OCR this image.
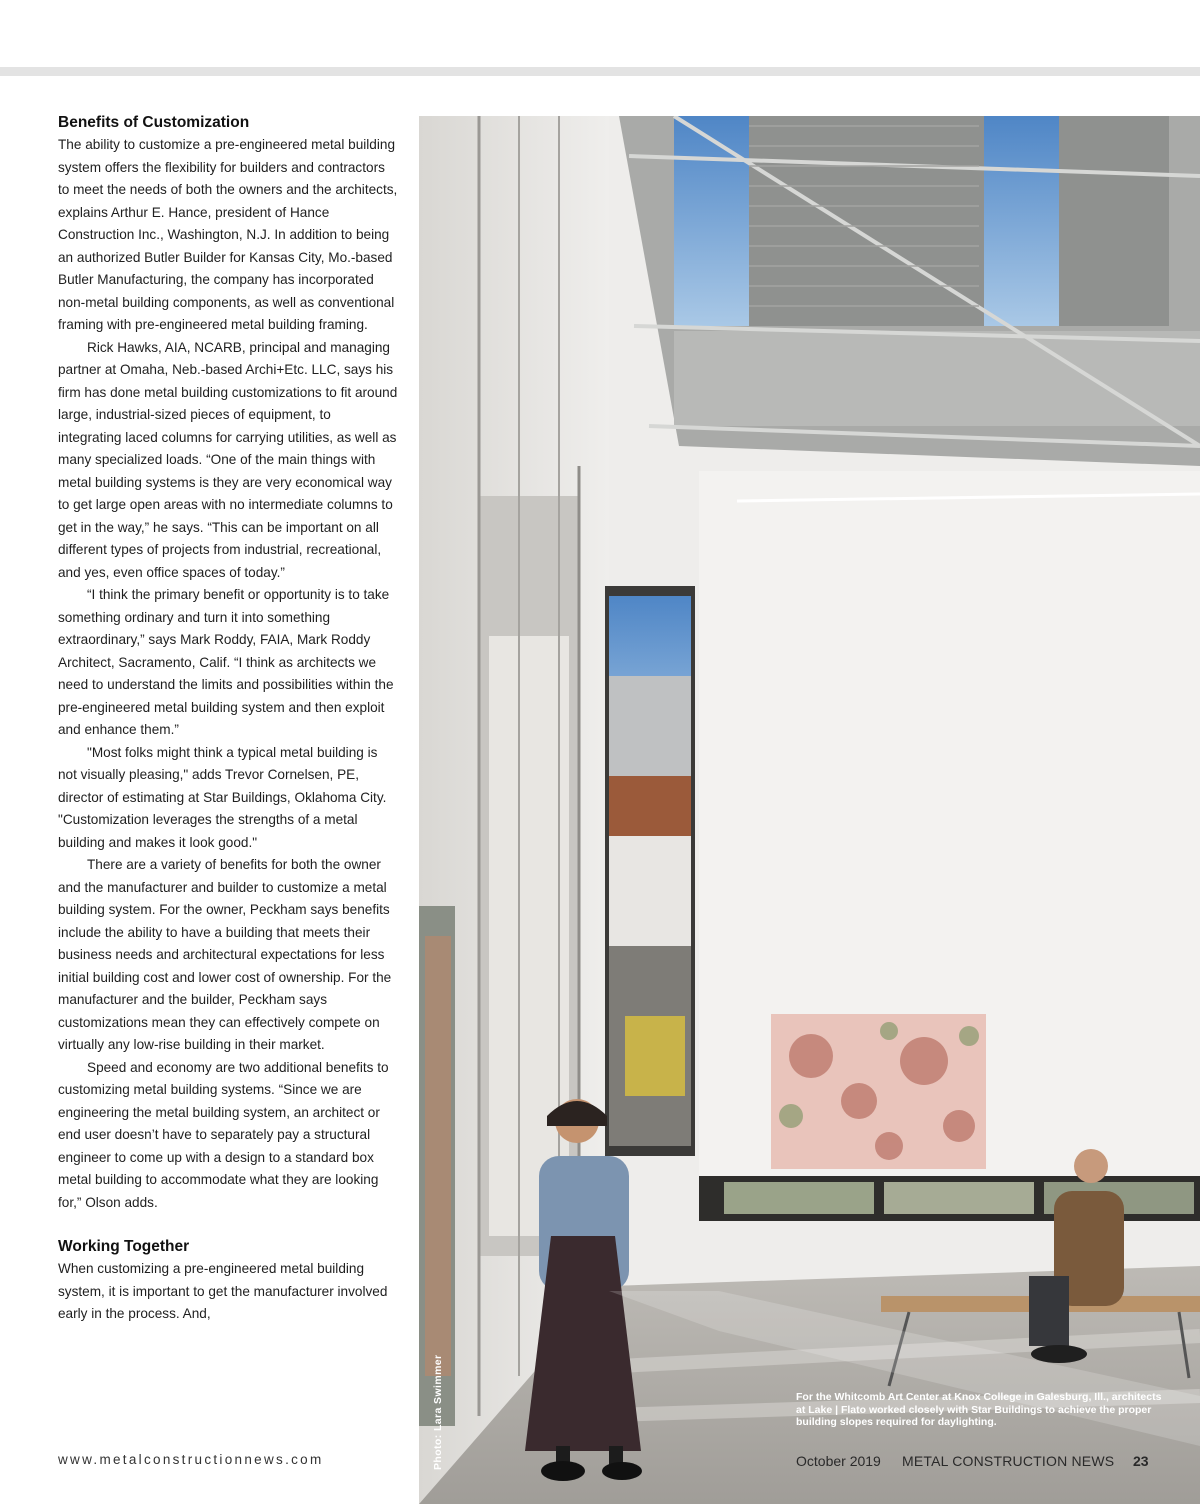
Benefits of Customization

The ability to customize a pre-engineered metal building system offers the flexibility for builders and contractors to meet the needs of both the owners and the architects, explains Arthur E. Hance, president of Hance Construction Inc., Washington, N.J. In addition to being an authorized Butler Builder for Kansas City, Mo.-based Butler Manufacturing, the company has incorporated non-metal building components, as well as conventional framing with pre-engineered metal building framing.

Rick Hawks, AIA, NCARB, principal and managing partner at Omaha, Neb.-based Archi+Etc. LLC, says his firm has done metal building customizations to fit around large, industrial-sized pieces of equipment, to integrating laced columns for carrying utilities, as well as many specialized loads. “One of the main things with metal building systems is they are very economical way to get large open areas with no intermediate columns to get in the way,” he says. “This can be important on all different types of projects from industrial, recreational, and yes, even office spaces of today.”

“I think the primary benefit or opportunity is to take something ordinary and turn it into something extraordinary,” says Mark Roddy, FAIA, Mark Roddy Architect, Sacramento, Calif. “I think as architects we need to understand the limits and possibilities within the pre-engineered metal building system and then exploit and enhance them.”

"Most folks might think a typical metal building is not visually pleasing," adds Trevor Cornelsen, PE, director of estimating at Star Buildings, Oklahoma City. "Customization leverages the strengths of a metal building and makes it look good."

There are a variety of benefits for both the owner and the manufacturer and builder to customize a metal building system. For the owner, Peckham says benefits include the ability to have a building that meets their business needs and architectural expectations for less initial building cost and lower cost of ownership. For the manufacturer and the builder, Peckham says customizations mean they can effectively compete on virtually any low-rise building in their market.

Speed and economy are two additional benefits to customizing metal building systems. “Since we are engineering the metal building system, an architect or end user doesn’t have to separately pay a structural engineer to come up with a design to a standard box metal building to accommodate what they are looking for,” Olson adds.

Working Together

When customizing a pre-engineered metal building system, it is important to get the manufacturer involved early in the process. And,

www.metalconstructionnews.com	Photo: Lara Swimmer	For the Whitcomb Art Center at Knox College in Galesburg, Ill., architects at Lake | Flato worked closely with Star Buildings to achieve the proper building slopes required for daylighting.
October 2019 METAL CONSTRUCTION NEWS 23
